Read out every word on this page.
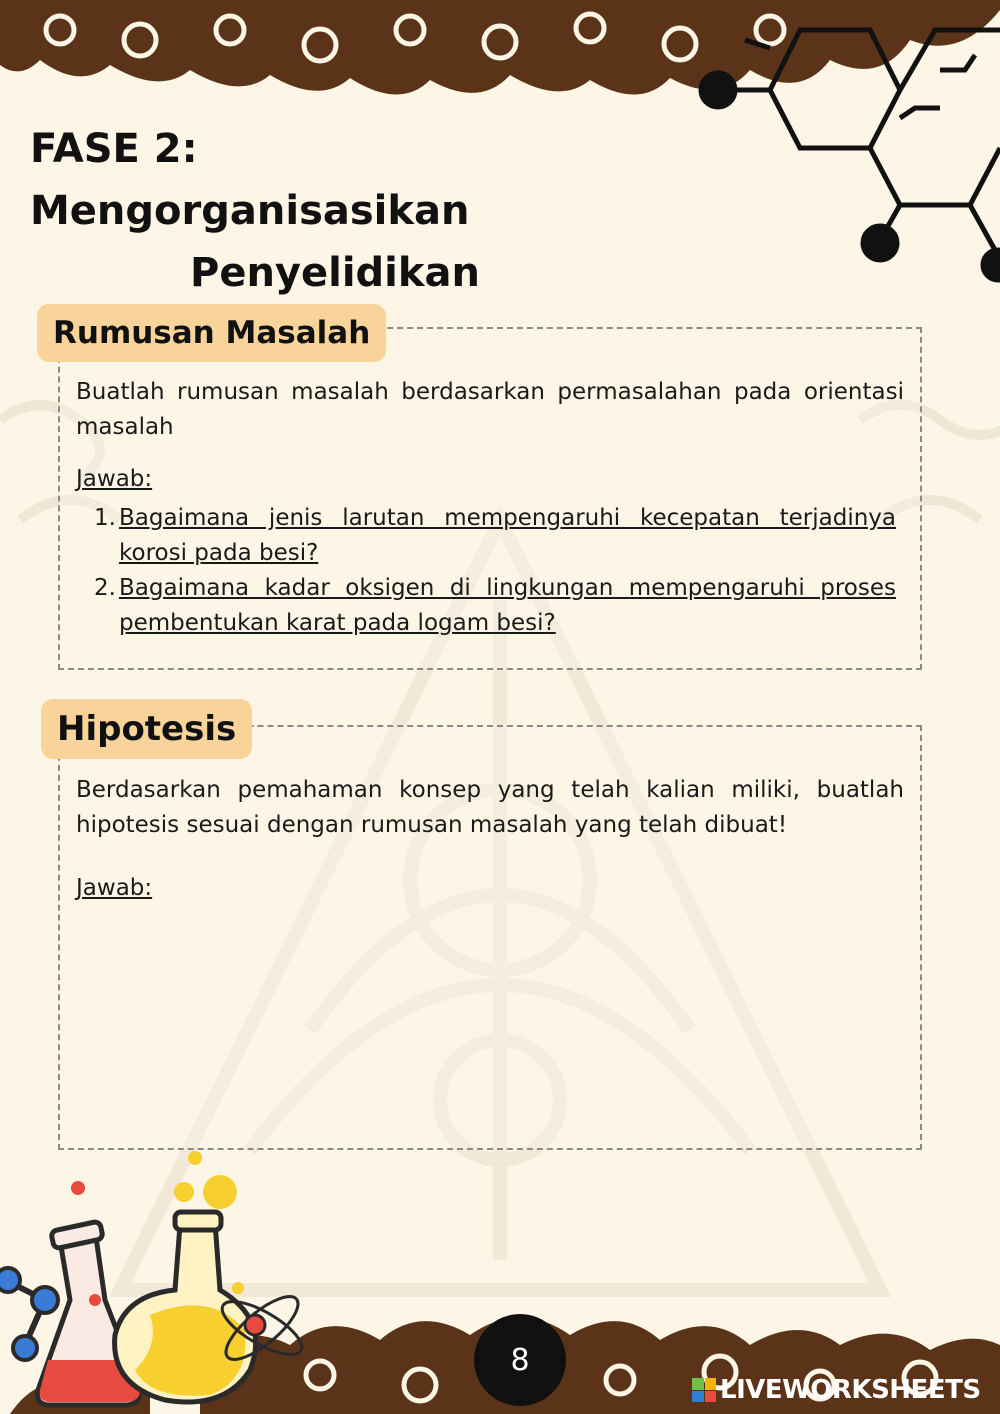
FASE 2: Mengorganisasikan
Penyelidikan
Rumusan Masalah

Buatlah rumusan masalah berdasarkan permasalahan pada orientasi masalah

Jawab:
1. Bagaimana jenis larutan mempengaruhi kecepatan terjadinya korosi pada besi?
2. Bagaimana kadar oksigen di lingkungan mempengaruhi proses pembentukan karat pada logam besi?
Hipotesis

Berdasarkan pemahaman konsep yang telah kalian miliki, buatlah hipotesis sesuai dengan rumusan masalah yang telah dibuat!

Jawab:
8
LIVEWORKSHEETS
